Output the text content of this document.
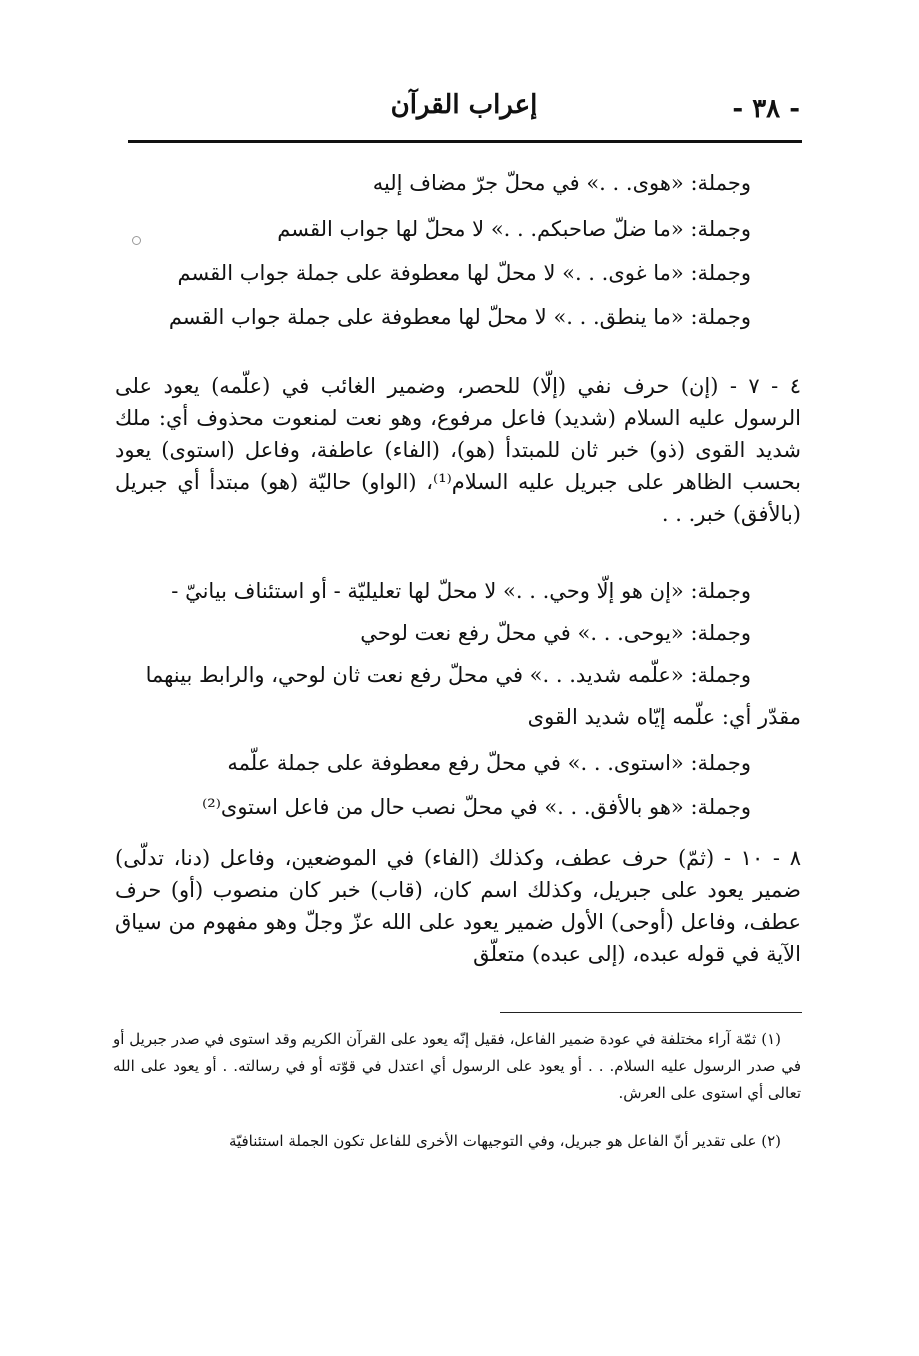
- ٣٨ -
إعراب القرآن
وجملة: «هوى. . .» في محلّ جرّ مضاف إليه
وجملة: «ما ضلّ صاحبكم. . .» لا محلّ لها جواب القسم
وجملة: «ما غوى. . .» لا محلّ لها معطوفة على جملة جواب القسم
وجملة: «ما ينطق. . .» لا محلّ لها معطوفة على جملة جواب القسم
٤ - ٧ - (إن) حرف نفي (إلّا) للحصر، وضمير الغائب في (علّمه) يعود على الرسول عليه السلام (شديد) فاعل مرفوع، وهو نعت لمنعوت محذوف أي: ملك شديد القوى (ذو) خبر ثان للمبتدأ (هو)، (الفاء) عاطفة، وفاعل (استوى) يعود بحسب الظاهر على جبريل عليه السلام⁽¹⁾، (الواو) حاليّة (هو) مبتدأ أي جبريل (بالأفق) خبر. . .
وجملة: «إن هو إلّا وحي. . .» لا محلّ لها تعليليّة - أو استئناف بيانيّ -
وجملة: «يوحى. . .» في محلّ رفع نعت لوحي
وجملة: «علّمه شديد. . .» في محلّ رفع نعت ثان لوحي، والرابط بينهما
مقدّر أي: علّمه إيّاه شديد القوى
وجملة: «استوى. . .» في محلّ رفع معطوفة على جملة علّمه
وجملة: «هو بالأفق. . .» في محلّ نصب حال من فاعل استوى⁽²⁾
٨ - ١٠ - (ثمّ) حرف عطف، وكذلك (الفاء) في الموضعين، وفاعل (دنا، تدلّى) ضمير يعود على جبريل، وكذلك اسم كان، (قاب) خبر كان منصوب (أو) حرف عطف، وفاعل (أوحى) الأول ضمير يعود على الله عزّ وجلّ وهو مفهوم من سياق الآية في قوله عبده، (إلى عبده) متعلّق
(١) ثمّة آراء مختلفة في عودة ضمير الفاعل، فقيل إنّه يعود على القرآن الكريم وقد استوى في صدر جبريل أو في صدر الرسول عليه السلام. . . أو يعود على الرسول أي اعتدل في قوّته أو في رسالته. . أو يعود على الله تعالى أي استوى على العرش.
(٢) على تقدير أنّ الفاعل هو جبريل، وفي التوجيهات الأخرى للفاعل تكون الجملة استئنافيّة
